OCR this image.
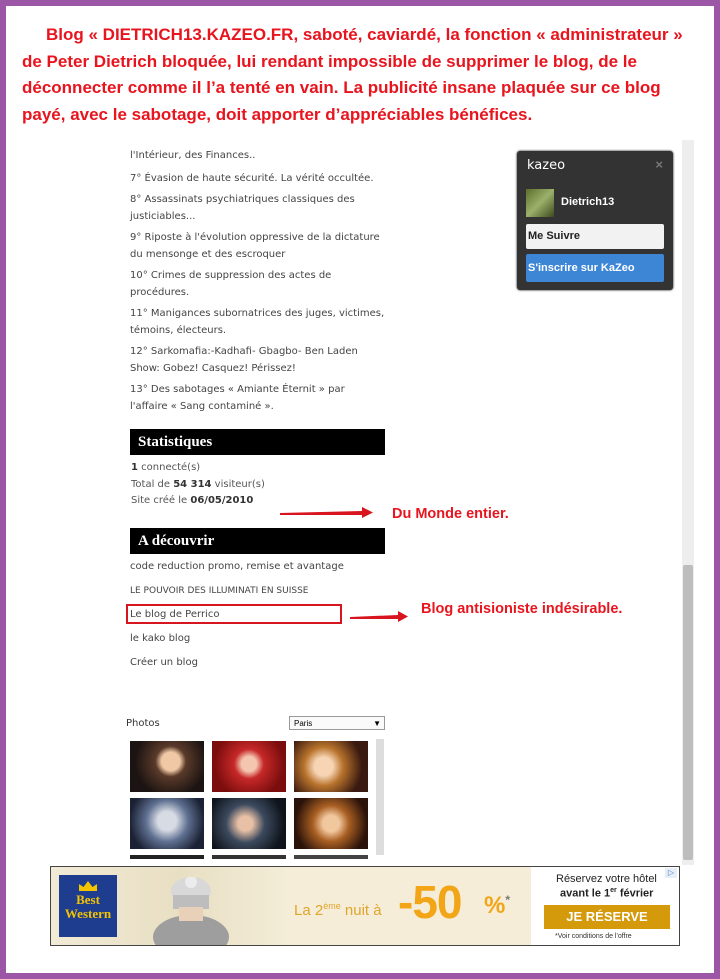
Blog « DIETRICH13.KAZEO.FR, saboté, caviardé, la fonction « administrateur » de Peter Dietrich bloquée, lui rendant impossible de supprimer le blog, de le déconnecter comme il l’a tenté en vain. La publicité insane plaquée sur ce blog payé, avec le sabotage, doit apporter d’appréciables bénéfices.

l'Intérieur, des Finances..
7° Évasion de haute sécurité. La vérité occultée.
8° Assassinats psychiatriques classiques des justiciables...
9° Riposte à l'évolution oppressive de la dictature du mensonge et des escroquer
10° Crimes de suppression des actes de procédures.
11° Manigances subornatrices des juges, victimes, témoins, électeurs.
12° Sarkomafia:-Kadhafi- Gbagbo- Ben Laden Show: Gobez! Casquez! Périssez!
13° Des sabotages « Amiante Éternit » par l'affaire « Sang contaminé ».
Statistiques
1 connecté(s)
Total de 54 314 visiteur(s)
Site créé le 06/05/2010
A découvrir
code reduction promo, remise et avantage
LE POUVOIR DES ILLUMINATI EN SUISSE
Le blog de Perrico
le kako blog
Créer un blog
Du Monde entier.
Blog antisioniste indésirable.
Photos	Paris	▼
kazeo	×
Dietrich13
Me Suivre
S'inscrire sur KaZeo
Best
Western	La 2ème nuit à -50 %*
Réservez votre hôtel
avant le 1er février
JE RÉSERVE
*Voir conditions de l'offre
▷
